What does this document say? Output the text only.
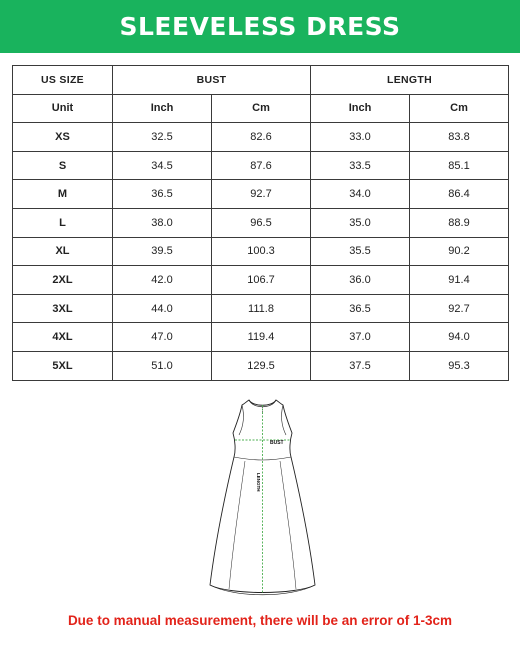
SLEEVELESS DRESS
US SIZE	BUST		LENGTH	
Unit	Inch	Cm	Inch	Cm
XS	32.5	82.6	33.0	83.8
S	34.5	87.6	33.5	85.1
M	36.5	92.7	34.0	86.4
L	38.0	96.5	35.0	88.9
XL	39.5	100.3	35.5	90.2
2XL	42.0	106.7	36.0	91.4
3XL	44.0	111.8	36.5	92.7
4XL	47.0	119.4	37.0	94.0
5XL	51.0	129.5	37.5	95.3
BUST
LENGTH
Due to manual measurement, there will be an error of 1-3cm
